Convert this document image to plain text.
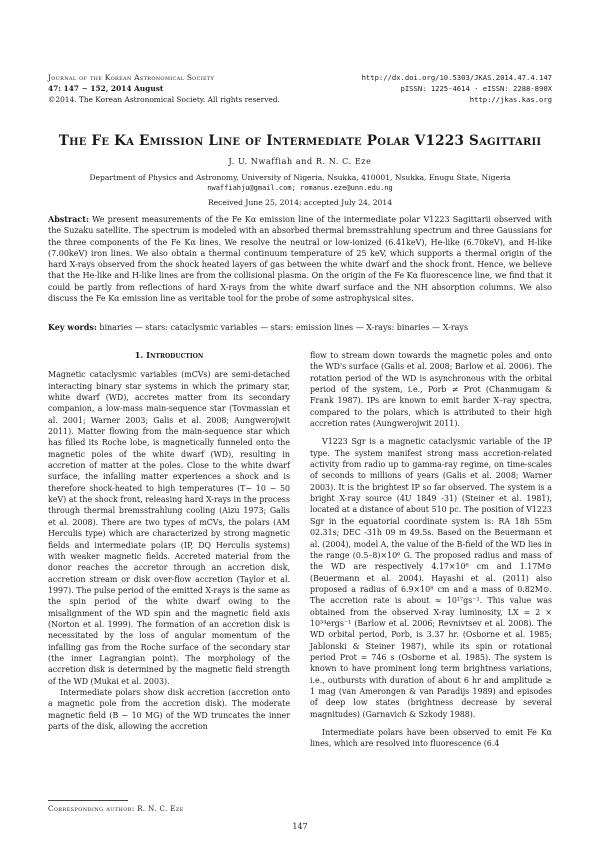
Journal of the Korean Astronomical Society
47: 147 ∼ 152, 2014 August
©2014. The Korean Astronomical Society. All rights reserved.
http://dx.doi.org/10.5303/JKAS.2014.47.4.147
pISSN: 1225-4614 · eISSN: 2288-890X
http://jkas.kas.org
The Fe Kα Emission Line of Intermediate Polar V1223 Sagittarii
J. U. Nwaffiah and R. N. C. Eze
Department of Physics and Astronomy, University of Nigeria, Nsukka, 410001, Nsukka, Enugu State, Nigeria
nwaffiahju@gmail.com; romanus.eze@unn.edu.ng
Received June 25, 2014; accepted July 24, 2014
Abstract: We present measurements of the Fe Kα emission line of the intermediate polar V1223 Sagittarii observed with the Suzaku satellite. The spectrum is modeled with an absorbed thermal bremsstrahlung spectrum and three Gaussians for the three components of the Fe Kα lines. We resolve the neutral or low-ionized (6.41keV), He-like (6.70keV), and H-like (7.00keV) iron lines. We also obtain a thermal continuum temperature of 25 keV, which supports a thermal origin of the hard X-rays observed from the shock heated layers of gas between the white dwarf and the shock front. Hence, we believe that the He-like and H-like lines are from the collisional plasma. On the origin of the Fe Kα fluorescence line, we find that it could be partly from reflections of hard X-rays from the white dwarf surface and the NH absorption columns. We also discuss the Fe Kα emission line as veritable tool for the probe of some astrophysical sites.
Key words: binaries — stars: cataclysmic variables — stars: emission lines — X-rays: binaries — X-rays
1. Introduction

Magnetic cataclysmic variables (mCVs) are semi-detached interacting binary star systems in which the primary star, white dwarf (WD), accretes matter from its secondary companion, a low-mass main-sequence star (Tovmassian et al. 2001; Warner 2003; Galis et al. 2008; Aungwerojwit 2011). Matter flowing from the main-sequence star which has filled its Roche lobe, is magnetically funneled onto the magnetic poles of the white dwarf (WD), resulting in accretion of matter at the poles. Close to the white dwarf surface, the infalling matter experiences a shock and is therefore shock-heated to high temperatures (T∼ 10 − 50 keV) at the shock front, releasing hard X-rays in the process through thermal bremsstrahlung cooling (Aizu 1973; Galis et al. 2008). There are two types of mCVs, the polars (AM Herculis type) which are characterized by strong magnetic fields and intermediate polars (IP, DQ Herculis systems) with weaker magnetic fields. Accreted material from the donor reaches the accretor through an accretion disk, accretion stream or disk over-flow accretion (Taylor et al. 1997). The pulse period of the emitted X-rays is the same as the spin period of the white dwarf owing to the misalignment of the WD spin and the magnetic field axis (Norton et al. 1999). The formation of an accretion disk is necessitated by the loss of angular momentum of the infalling gas from the Roche surface of the secondary star (the inner Lagrangian point). The morphology of the accretion disk is determined by the magnetic field strength of the WD (Mukai et al. 2003).

Intermediate polars show disk accretion (accretion onto a magnetic pole from the accretion disk). The moderate magnetic field (B ∼ 10 MG) of the WD truncates the inner parts of the disk, allowing the accretion

flow to stream down towards the magnetic poles and onto the WD's surface (Galis et al. 2008; Barlow et al. 2006). The rotation period of the WD is asynchronous with the orbital period of the system, i.e., Porb ≠ Prot (Chanmugam & Frank 1987). IPs are known to emit harder X–ray spectra, compared to the polars, which is attributed to their high accretion rates (Aungwerojwit 2011).

V1223 Sgr is a magnetic cataclysmic variable of the IP type. The system manifest strong mass accretion-related activity from radio up to gamma-ray regime, on time-scales of seconds to millions of years (Galis et al. 2008; Warner 2003). It is the brightest IP so far observed. The system is a bright X-ray source (4U 1849 -31) (Steiner et al. 1981), located at a distance of about 510 pc. The position of V1223 Sgr in the equatorial coordinate system is: RA 18h 55m 02.31s; DEC -31h 09 m 49.5s. Based on the Beuermann et al. (2004), model A, the value of the B-field of the WD lies in the range (0.5–8)×10⁶ G. The proposed radius and mass of the WD are respectively 4.17×10⁸ cm and 1.17M⊙ (Beuermann et al. 2004). Hayashi et al. (2011) also proposed a radius of 6.9×10⁸ cm and a mass of 0.82M⊙. The accretion rate is about ≈ 10¹⁷gs⁻¹. This value was obtained from the observed X-ray luminosity, LX = 2 × 10³⁴ergs⁻¹ (Barlow et al. 2006; Revnivtsev et al. 2008). The WD orbital period, Porb, is 3.37 hr. (Osborne et al. 1985; Jablonski & Steiner 1987), while its spin or rotational period Prot = 746 s (Osborne et al. 1985). The system is known to have prominent long term brightness variations, i.e., outbursts with duration of about 6 hr and amplitude ≥ 1 mag (van Amerongen & van Paradijs 1989) and episodes of deep low states (brightness decrease by several magnitudes) (Garnavich & Szkody 1988).

Intermediate polars have been observed to emit Fe Kα lines, which are resolved into fluorescence (6.4

Corresponding author: R. N. C. Eze
147
